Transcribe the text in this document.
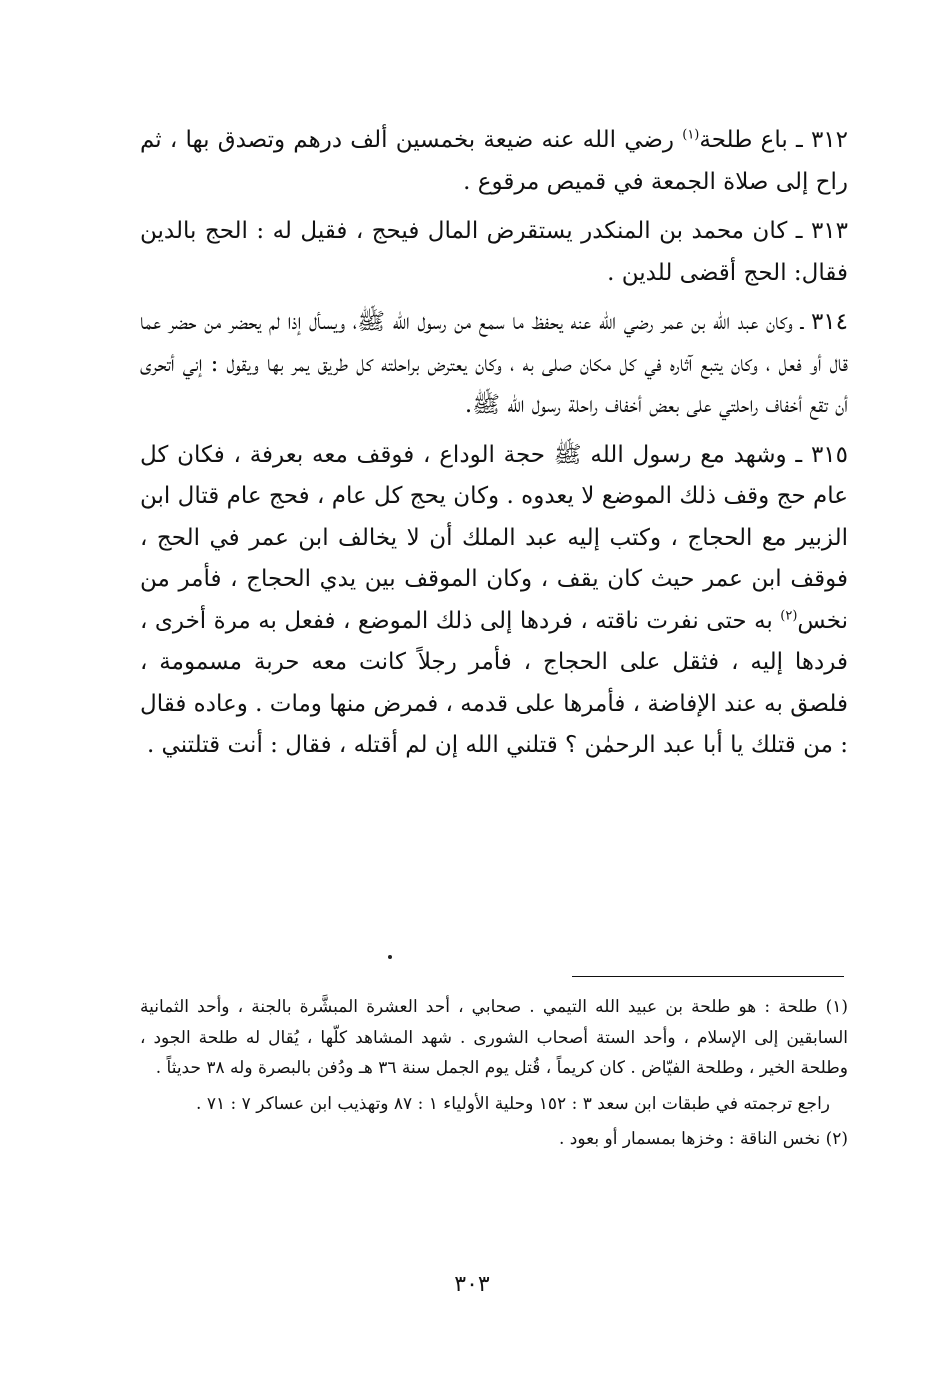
٣١٢ ـ باع طلحة$^{(١)}$ رضي الله عنه ضيعة بخمسين ألف درهم وتصدق بها ، ثم راح إلى صلاة الجمعة في قميص مرقوع .

٣١٣ ـ كان محمد بن المنكدر يستقرض المال فيحج ، فقيل له : الحج بالدين فقال: الحج أقضى للدين .

٣١٤ ـ وكان عبد الله بن عمر رضي الله عنه يحفظ ما سمع من رسول الله ﷺ، ويسأل إذا لم يحضر من حضر عما قال أو فعل ، وكان يتبع آثاره في كل مكان صلى به ، وكان يعترض براحلته كل طريق يمر بها ويقول : إني أتحرى أن تقع أخفاف راحلتي على بعض أخفاف راحلة رسول الله ﷺ.

٣١٥ ـ وشهد مع رسول الله ﷺ حجة الوداع ، فوقف معه بعرفة ، فكان كل عام حج وقف ذلك الموضع لا يعدوه . وكان يحج كل عام ، فحج عام قتال ابن الزبير مع الحجاج ، وكتب إليه عبد الملك أن لا يخالف ابن عمر في الحج ، فوقف ابن عمر حيث كان يقف ، وكان الموقف بين يدي الحجاج ، فأمر من نخس$^{(٢)}$ به حتى نفرت ناقته ، فردها إلى ذلك الموضع ، ففعل به مرة أخرى ، فردها إليه ، فثقل على الحجاج ، فأمر رجلاً كانت معه حربة مسمومة ، فلصق به عند الإفاضة ، فأمرها على قدمه ، فمرض منها ومات . وعاده فقال : من قتلك يا أبا عبد الرحمٰن ؟ قتلني الله إن لم أقتله ، فقال : أنت قتلتني .

(١) طلحة : هو طلحة بن عبيد الله التيمي . صحابي ، أحد العشرة المبشَّرة بالجنة ، وأحد الثمانية السابقين إلى الإسلام ، وأحد الستة أصحاب الشورى . شهد المشاهد كلّها ، يُقال له طلحة الجود ، وطلحة الخير ، وطلحة الفيّاض . كان كريماً ، قُتل يوم الجمل سنة ٣٦ هـ ودُفن بالبصرة وله ٣٨ حديثاً .

راجع ترجمته في طبقات ابن سعد ٣ : ١٥٢ وحلية الأولياء ١ : ٨٧ وتهذيب ابن عساكر ٧ : ٧١ .

(٢) نخس الناقة : وخزها بمسمار أو بعود .

٣٠٣
